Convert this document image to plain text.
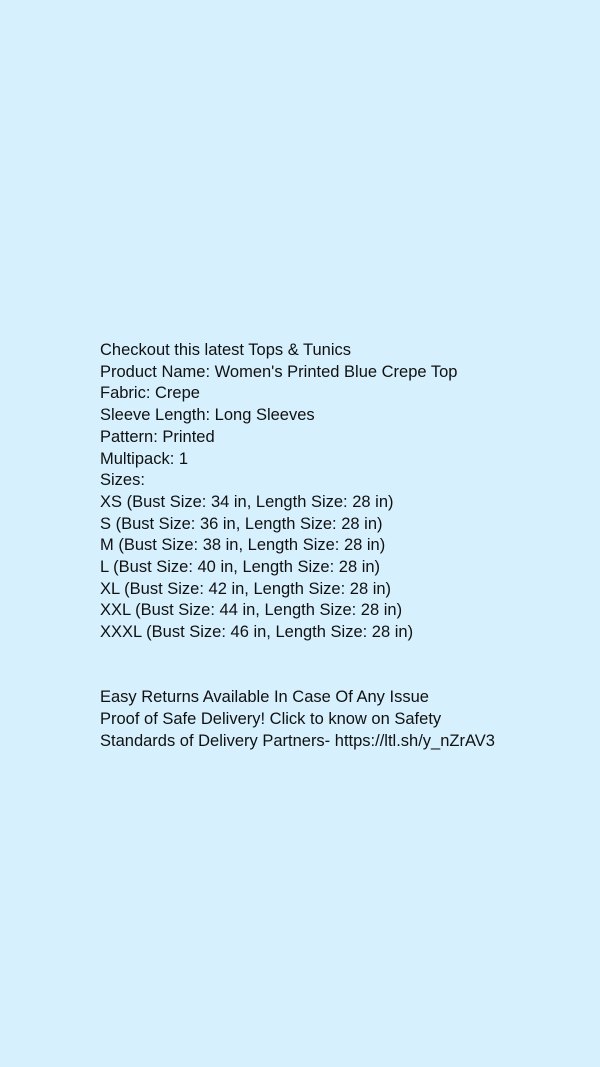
Checkout this latest Tops & Tunics
Product Name: Women's Printed Blue Crepe Top
Fabric: Crepe
Sleeve Length: Long Sleeves
Pattern: Printed
Multipack: 1
Sizes:
XS (Bust Size: 34 in, Length Size: 28 in)
S (Bust Size: 36 in, Length Size: 28 in)
M (Bust Size: 38 in, Length Size: 28 in)
L (Bust Size: 40 in, Length Size: 28 in)
XL (Bust Size: 42 in, Length Size: 28 in)
XXL (Bust Size: 44 in, Length Size: 28 in)
XXXL (Bust Size: 46 in, Length Size: 28 in)
Easy Returns Available In Case Of Any Issue
Proof of Safe Delivery! Click to know on Safety
Standards of Delivery Partners- https://ltl.sh/y_nZrAV3
